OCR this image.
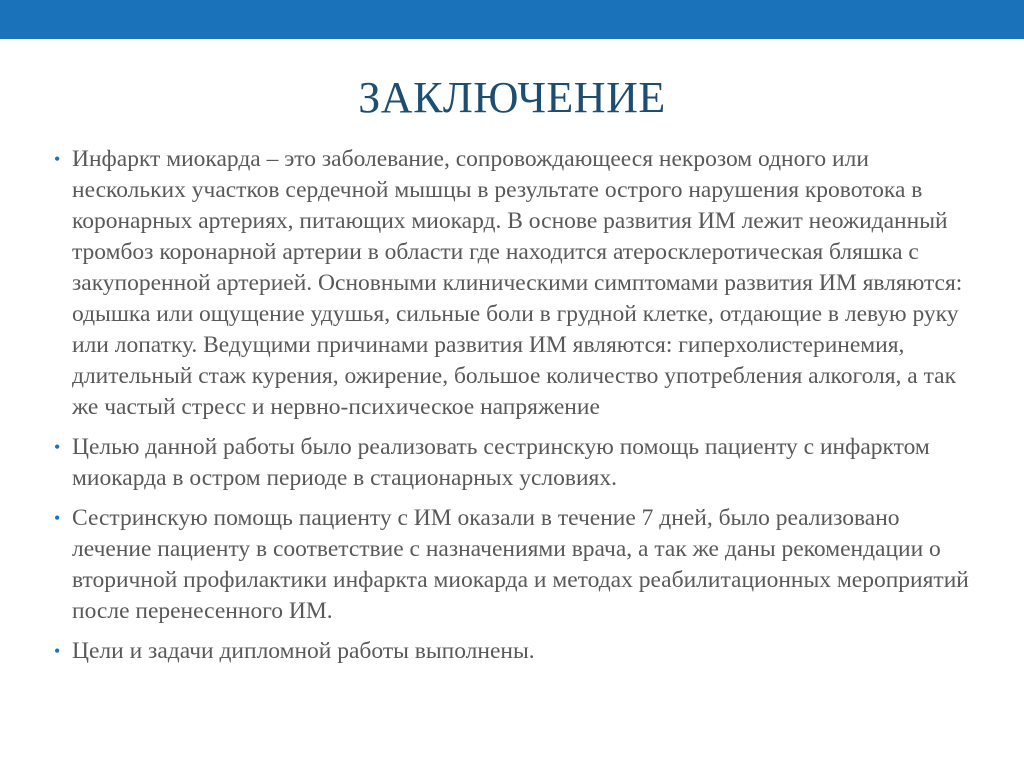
ЗАКЛЮЧЕНИЕ
• Инфаркт миокарда – это заболевание, сопровождающееся некрозом одного или нескольких участков сердечной мышцы в результате острого нарушения кровотока в коронарных артериях, питающих миокард. В основе развития ИМ лежит неожиданный тромбоз коронарной артерии в области где находится атеросклеротическая бляшка с закупоренной артерией. Основными клиническими симптомами развития ИМ являются: одышка или ощущение удушья, сильные боли в грудной клетке, отдающие в левую руку или лопатку. Ведущими причинами развития ИМ являются: гиперхолистеринемия, длительный стаж курения, ожирение, большое количество употребления алкоголя, а так же частый стресс и нервно-психическое напряжение
• Целью данной работы было реализовать сестринскую помощь пациенту с инфарктом миокарда в остром периоде в стационарных условиях.
• Сестринскую помощь пациенту с ИМ оказали в течение 7 дней, было реализовано лечение пациенту в соответствие с назначениями врача, а так же даны рекомендации о вторичной профилактики инфаркта миокарда и методах реабилитационных мероприятий после перенесенного ИМ.
• Цели и задачи дипломной работы выполнены.
